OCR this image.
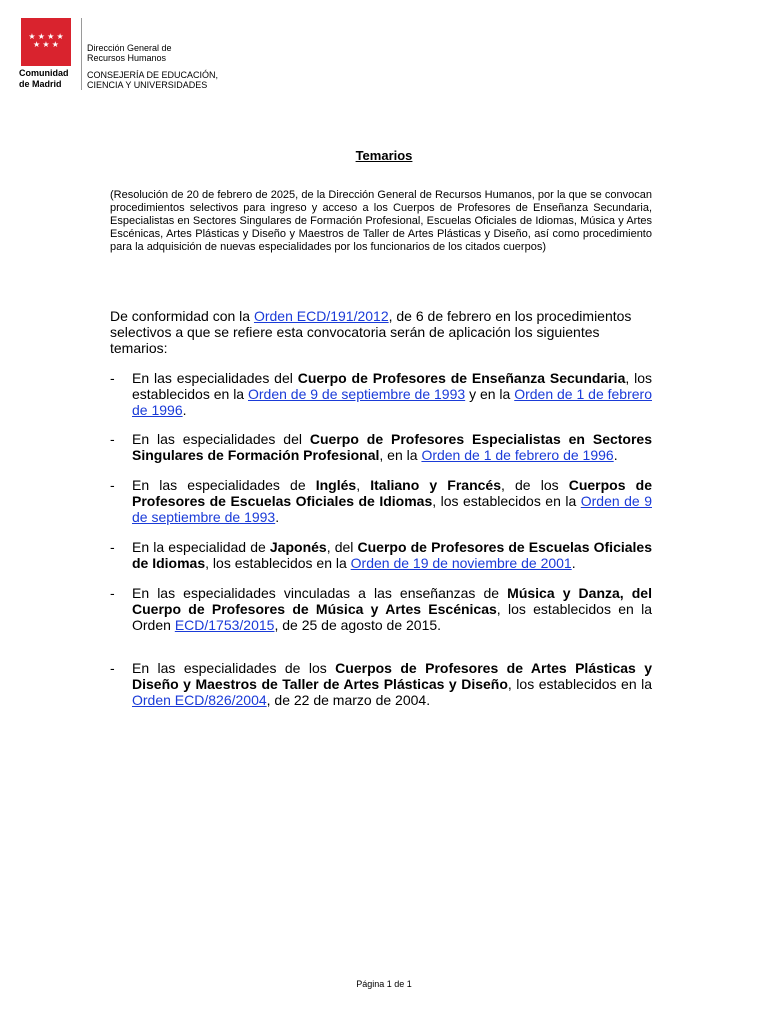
★ ★ ★ ★
★ ★ ★
Comunidad
de Madrid
Dirección General de
Recursos Humanos
CONSEJERÍA DE EDUCACIÓN,
CIENCIA Y UNIVERSIDADES
Temarios
(Resolución de 20 de febrero de 2025, de la Dirección General de Recursos Humanos, por la que se convocan procedimientos selectivos para ingreso y acceso a los Cuerpos de Profesores de Enseñanza Secundaria, Especialistas en Sectores Singulares de Formación Profesional, Escuelas Oficiales de Idiomas, Música y Artes Escénicas, Artes Plásticas y Diseño y Maestros de Taller de Artes Plásticas y Diseño, así como procedimiento para la adquisición de nuevas especialidades por los funcionarios de los citados cuerpos)
De conformidad con la Orden ECD/191/2012, de 6 de febrero en los procedimientos selectivos a que se refiere esta convocatoria serán de aplicación los siguientes temarios:
-	En las especialidades del Cuerpo de Profesores de Enseñanza Secundaria, los establecidos en la Orden de 9 de septiembre de 1993 y en la Orden de 1 de febrero de 1996.
-	En las especialidades del Cuerpo de Profesores Especialistas en Sectores Singulares de Formación Profesional, en la Orden de 1 de febrero de 1996.
-	En las especialidades de Inglés, Italiano y Francés, de los Cuerpos de Profesores de Escuelas Oficiales de Idiomas, los establecidos en la Orden de 9 de septiembre de 1993.
-	En la especialidad de Japonés, del Cuerpo de Profesores de Escuelas Oficiales de Idiomas, los establecidos en la Orden de 19 de noviembre de 2001.
-	En las especialidades vinculadas a las enseñanzas de Música y Danza, del Cuerpo de Profesores de Música y Artes Escénicas, los establecidos en la Orden ECD/1753/2015, de 25 de agosto de 2015.
-	En las especialidades de los Cuerpos de Profesores de Artes Plásticas y Diseño y Maestros de Taller de Artes Plásticas y Diseño, los establecidos en la Orden ECD/826/2004, de 22 de marzo de 2004.
Página 1 de 1
